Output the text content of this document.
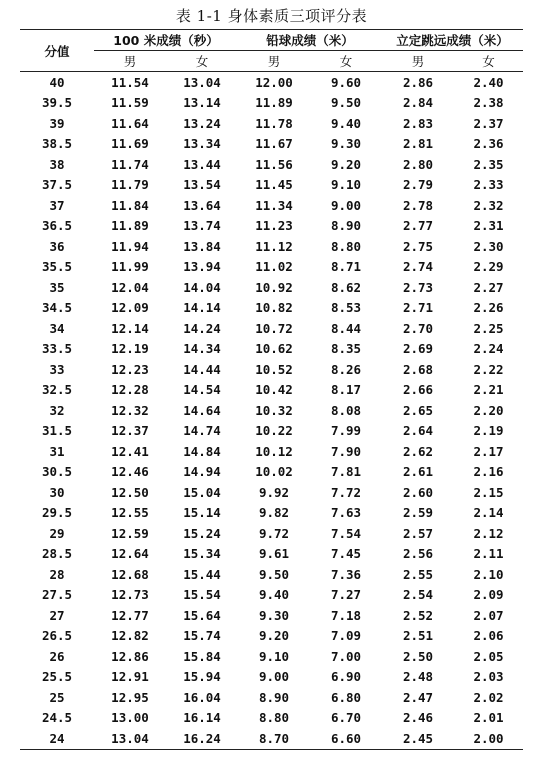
表 1-1 身体素质三项评分表
分值	100 米成绩（秒）		铅球成绩（米）		立定跳远成绩（米）	
	男	女	男	女	男	女
40	11.54	13.04	12.00	9.60	2.86	2.40
39.5	11.59	13.14	11.89	9.50	2.84	2.38
39	11.64	13.24	11.78	9.40	2.83	2.37
38.5	11.69	13.34	11.67	9.30	2.81	2.36
38	11.74	13.44	11.56	9.20	2.80	2.35
37.5	11.79	13.54	11.45	9.10	2.79	2.33
37	11.84	13.64	11.34	9.00	2.78	2.32
36.5	11.89	13.74	11.23	8.90	2.77	2.31
36	11.94	13.84	11.12	8.80	2.75	2.30
35.5	11.99	13.94	11.02	8.71	2.74	2.29
35	12.04	14.04	10.92	8.62	2.73	2.27
34.5	12.09	14.14	10.82	8.53	2.71	2.26
34	12.14	14.24	10.72	8.44	2.70	2.25
33.5	12.19	14.34	10.62	8.35	2.69	2.24
33	12.23	14.44	10.52	8.26	2.68	2.22
32.5	12.28	14.54	10.42	8.17	2.66	2.21
32	12.32	14.64	10.32	8.08	2.65	2.20
31.5	12.37	14.74	10.22	7.99	2.64	2.19
31	12.41	14.84	10.12	7.90	2.62	2.17
30.5	12.46	14.94	10.02	7.81	2.61	2.16
30	12.50	15.04	9.92	7.72	2.60	2.15
29.5	12.55	15.14	9.82	7.63	2.59	2.14
29	12.59	15.24	9.72	7.54	2.57	2.12
28.5	12.64	15.34	9.61	7.45	2.56	2.11
28	12.68	15.44	9.50	7.36	2.55	2.10
27.5	12.73	15.54	9.40	7.27	2.54	2.09
27	12.77	15.64	9.30	7.18	2.52	2.07
26.5	12.82	15.74	9.20	7.09	2.51	2.06
26	12.86	15.84	9.10	7.00	2.50	2.05
25.5	12.91	15.94	9.00	6.90	2.48	2.03
25	12.95	16.04	8.90	6.80	2.47	2.02
24.5	13.00	16.14	8.80	6.70	2.46	2.01
24	13.04	16.24	8.70	6.60	2.45	2.00
